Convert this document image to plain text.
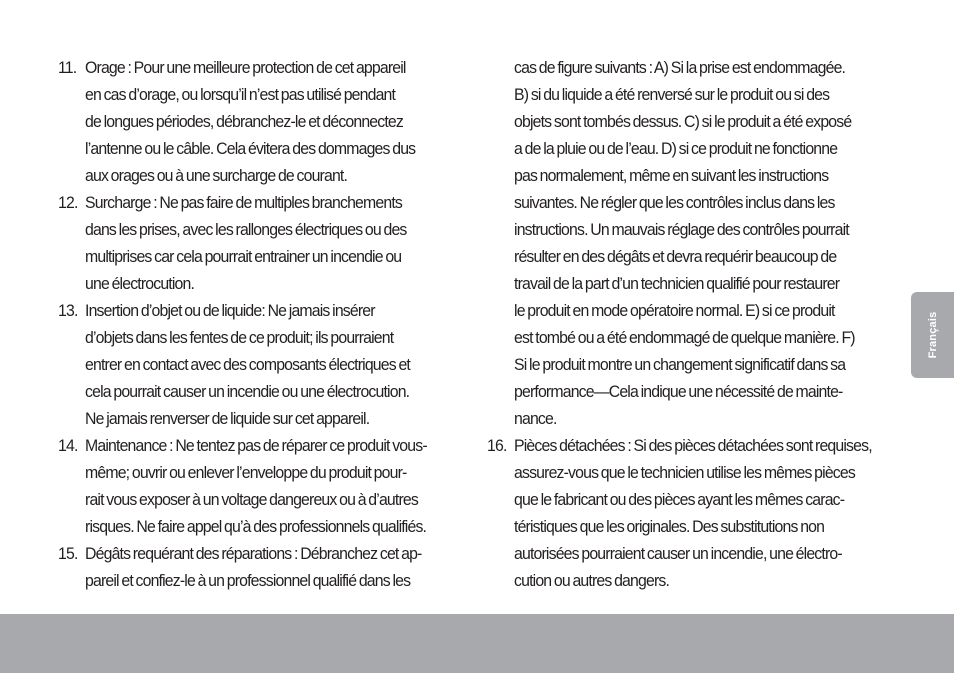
11. Orage : Pour une meilleure protection de cet appareil
en cas d’orage, ou lorsqu’il n’est pas utilisé pendant
de longues périodes, débranchez-le et déconnectez
l’antenne ou le câble. Cela évitera des dommages dus
aux orages ou à une surcharge de courant.
12. Surcharge : Ne pas faire de multiples branchements
dans les prises, avec les rallonges électriques ou des
multiprises car cela pourrait entrainer un incendie ou
une électrocution.
13. Insertion d’objet ou de liquide: Ne jamais insérer
d’objets dans les fentes de ce produit; ils pourraient
entrer en contact avec des composants électriques et
cela pourrait causer un incendie ou une électrocution.
Ne jamais renverser de liquide sur cet appareil.
14. Maintenance : Ne tentez pas de réparer ce produit vous-
même; ouvrir ou enlever l’enveloppe du produit pour-
rait vous exposer à un voltage dangereux ou à d’autres
risques. Ne faire appel qu’à des professionnels qualifiés.
15. Dégâts requérant des réparations : Débranchez cet ap-
pareil et confiez-le à un professionnel qualifié dans les
cas de figure suivants : A) Si la prise est endommagée.
B) si du liquide a été renversé sur le produit ou si des
objets sont tombés dessus. C) si le produit a été exposé
a de la pluie ou de l’eau. D) si ce produit ne fonctionne
pas normalement, même en suivant les instructions
suivantes. Ne régler que les contrôles inclus dans les
instructions. Un mauvais réglage des contrôles pourrait
résulter en des dégâts et devra requérir beaucoup de
travail de la part d’un technicien qualifié pour restaurer
le produit en mode opératoire normal. E) si ce produit
est tombé ou a été endommagé de quelque manière. F)
Si le produit montre un changement significatif dans sa
performance—Cela indique une nécessité de mainte-
nance.
16. Pièces détachées : Si des pièces détachées sont requises,
assurez-vous que le technicien utilise les mêmes pièces
que le fabricant ou des pièces ayant les mêmes carac-
téristiques que les originales. Des substitutions non
autorisées pourraient causer un incendie, une électro-
cution ou autres dangers.
Français
